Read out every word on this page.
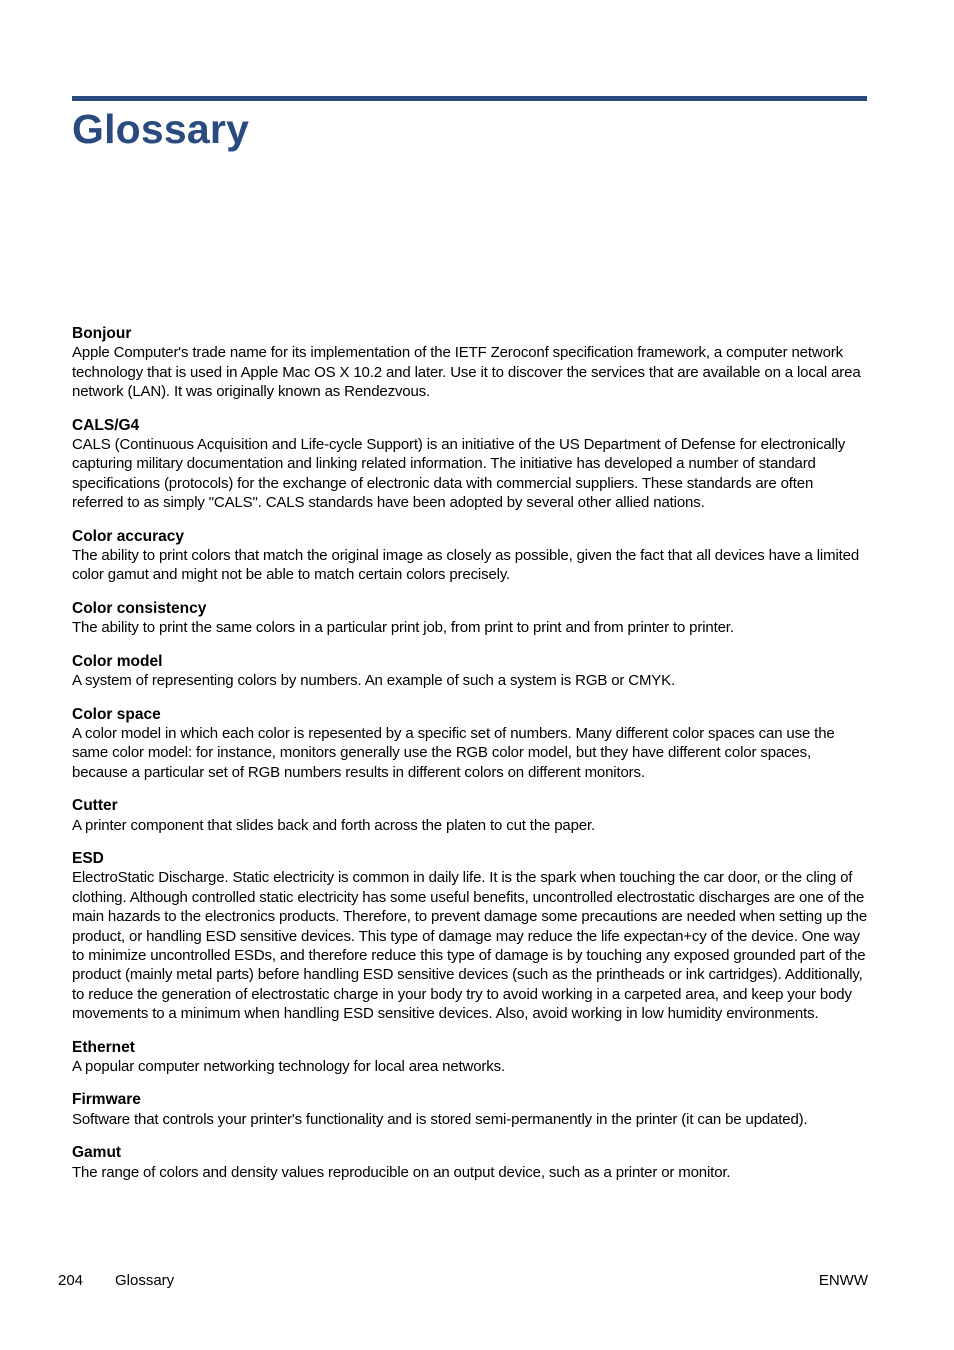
Glossary
Bonjour
Apple Computer's trade name for its implementation of the IETF Zeroconf specification framework, a computer network technology that is used in Apple Mac OS X 10.2 and later. Use it to discover the services that are available on a local area network (LAN). It was originally known as Rendezvous.
CALS/G4
CALS (Continuous Acquisition and Life-cycle Support) is an initiative of the US Department of Defense for electronically capturing military documentation and linking related information. The initiative has developed a number of standard specifications (protocols) for the exchange of electronic data with commercial suppliers. These standards are often referred to as simply "CALS". CALS standards have been adopted by several other allied nations.
Color accuracy
The ability to print colors that match the original image as closely as possible, given the fact that all devices have a limited color gamut and might not be able to match certain colors precisely.
Color consistency
The ability to print the same colors in a particular print job, from print to print and from printer to printer.
Color model
A system of representing colors by numbers. An example of such a system is RGB or CMYK.
Color space
A color model in which each color is repesented by a specific set of numbers. Many different color spaces can use the same color model: for instance, monitors generally use the RGB color model, but they have different color spaces, because a particular set of RGB numbers results in different colors on different monitors.
Cutter
A printer component that slides back and forth across the platen to cut the paper.
ESD
ElectroStatic Discharge. Static electricity is common in daily life. It is the spark when touching the car door, or the cling of clothing. Although controlled static electricity has some useful benefits, uncontrolled electrostatic discharges are one of the main hazards to the electronics products. Therefore, to prevent damage some precautions are needed when setting up the product, or handling ESD sensitive devices. This type of damage may reduce the life expectan+cy of the device. One way to minimize uncontrolled ESDs, and therefore reduce this type of damage is by touching any exposed grounded part of the product (mainly metal parts) before handling ESD sensitive devices (such as the printheads or ink cartridges). Additionally, to reduce the generation of electrostatic charge in your body try to avoid working in a carpeted area, and keep your body movements to a minimum when handling ESD sensitive devices. Also, avoid working in low humidity environments.
Ethernet
A popular computer networking technology for local area networks.
Firmware
Software that controls your printer's functionality and is stored semi-permanently in the printer (it can be updated).
Gamut
The range of colors and density values reproducible on an output device, such as a printer or monitor.
204 Glossary	ENWW
